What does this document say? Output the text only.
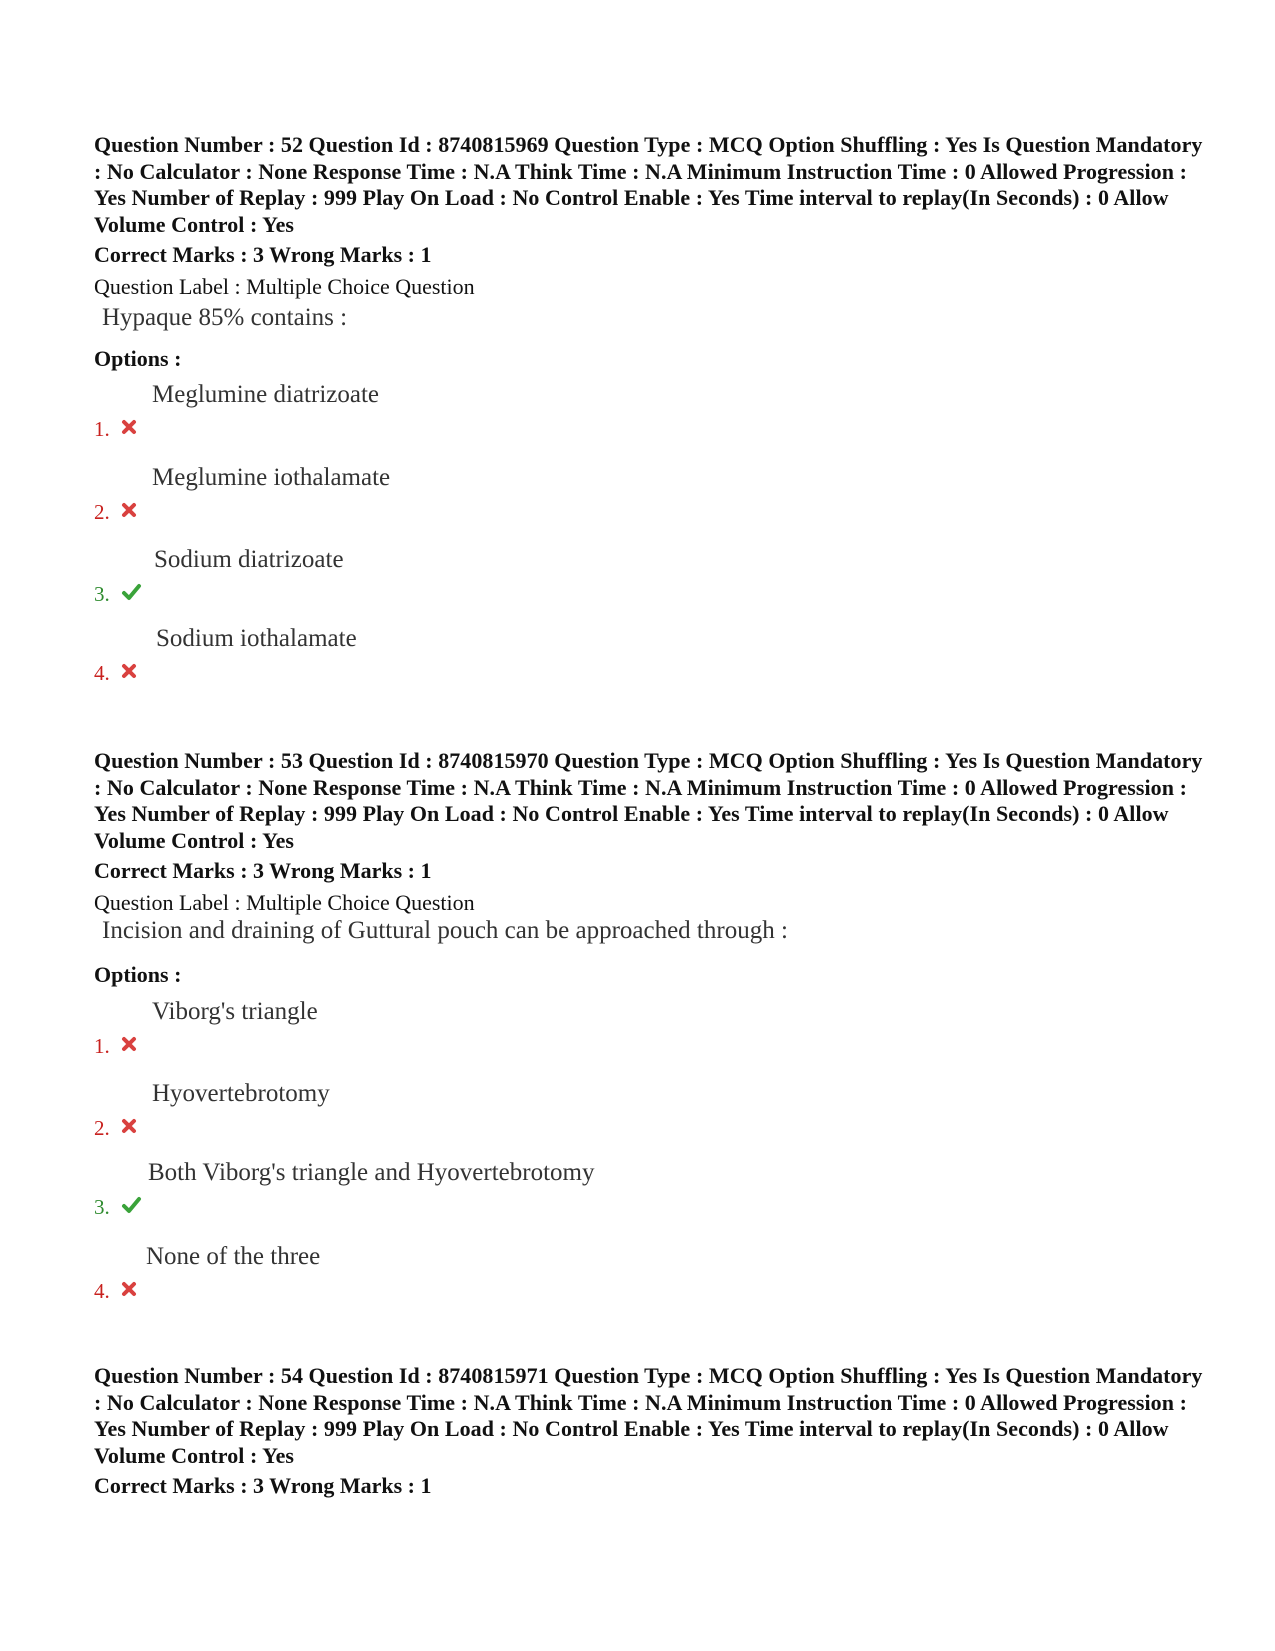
Question Number : 52 Question Id : 8740815969 Question Type : MCQ Option Shuffling : Yes Is Question Mandatory : No Calculator : None Response Time : N.A Think Time : N.A Minimum Instruction Time : 0 Allowed Progression : Yes Number of Replay : 999 Play On Load : No Control Enable : Yes Time interval to replay(In Seconds) : 0 Allow Volume Control : Yes

Correct Marks : 3 Wrong Marks : 1
Question Label : Multiple Choice Question
Hypaque 85% contains :
Options :
1.
Meglumine diatrizoate
2.
Meglumine iothalamate
3.
Sodium diatrizoate
4.
Sodium iothalamate

Question Number : 53 Question Id : 8740815970 Question Type : MCQ Option Shuffling : Yes Is Question Mandatory : No Calculator : None Response Time : N.A Think Time : N.A Minimum Instruction Time : 0 Allowed Progression : Yes Number of Replay : 999 Play On Load : No Control Enable : Yes Time interval to replay(In Seconds) : 0 Allow Volume Control : Yes

Correct Marks : 3 Wrong Marks : 1
Question Label : Multiple Choice Question
Incision and draining of Guttural pouch can be approached through :
Options :
1.
Viborg's triangle
2.
Hyovertebrotomy
3.
Both Viborg's triangle and Hyovertebrotomy
4.
None of the three

Question Number : 54 Question Id : 8740815971 Question Type : MCQ Option Shuffling : Yes Is Question Mandatory : No Calculator : None Response Time : N.A Think Time : N.A Minimum Instruction Time : 0 Allowed Progression : Yes Number of Replay : 999 Play On Load : No Control Enable : Yes Time interval to replay(In Seconds) : 0 Allow Volume Control : Yes

Correct Marks : 3 Wrong Marks : 1
